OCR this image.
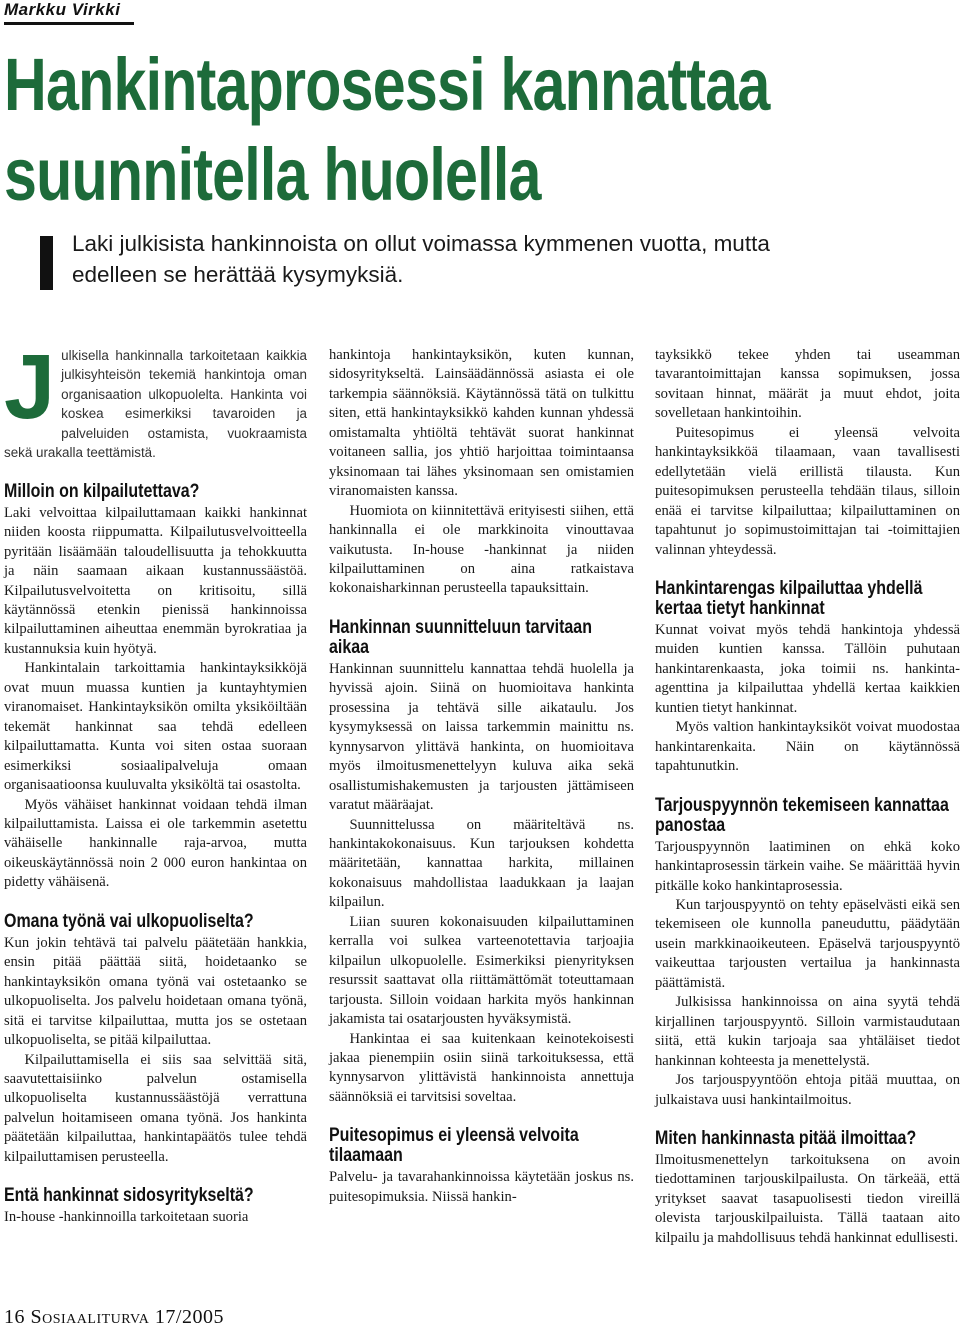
Markku Virkki
Hankintaprosessi kannattaa
suunnitella huolella
Laki julkisista hankinnoista on ollut voimassa kymmenen vuotta, mutta edelleen se herättää kysymyksiä.

Julkisella hankinnalla tarkoitetaan kaikkia julkisyhteisön tekemiä hankintoja oman organisaation ulkopuolelta. Hankinta voi koskea esimerkiksi tavaroiden ja palveluiden ostamista, vuokraamista sekä urakalla teettämistä.

Milloin on kilpailutettava?

Laki velvoittaa kilpailuttamaan kaikki hankinnat niiden koosta riippumatta. Kilpailutusvelvoitteella pyritään lisäämään taloudellisuutta ja tehokkuutta ja näin saamaan aikaan kustannussäästöä. Kilpailutusvelvoitetta on kritisoitu, sillä käytännössä etenkin pienissä hankinnoissa kilpailuttaminen aiheuttaa enemmän byrokratiaa ja kustannuksia kuin hyötyä.

Hankintalain tarkoittamia hankintayksikköjä ovat muun muassa kuntien ja kuntayhtymien viranomaiset. Hankintayksikön omilta yksiköiltään tekemät hankinnat saa tehdä edelleen kilpailuttamatta. Kunta voi siten ostaa suoraan esimerkiksi sosiaalipalveluja omaan organisaatioonsa kuuluvalta yksiköltä tai osastolta.

Myös vähäiset hankinnat voidaan tehdä ilman kilpailuttamista. Laissa ei ole tarkemmin asetettu vähäiselle hankinnalle raja-arvoa, mutta oikeuskäytännössä noin 2 000 euron hankintaa on pidetty vähäisenä.

Omana työnä vai ulkopuoliselta?

Kun jokin tehtävä tai palvelu päätetään hankkia, ensin pitää päättää siitä, hoidetaanko se hankintayksikön omana työnä vai ostetaanko se ulkopuoliselta. Jos palvelu hoidetaan omana työnä, sitä ei tarvitse kilpailuttaa, mutta jos se ostetaan ulkopuoliselta, se pitää kilpailuttaa.

Kilpailuttamisella ei siis saa selvittää sitä, saavutettaisiinko palvelun ostamisella ulkopuoliselta kustannussäästöjä verrattuna palvelun hoitamiseen omana työnä. Jos hankinta päätetään kilpailuttaa, hankintapäätös tulee tehdä kilpailuttamisen perusteella.

Entä hankinnat sidosyritykseltä?

In-house -hankinnoilla tarkoitetaan suoria

hankintoja hankintayksikön, kuten kunnan, sidosyritykseltä. Lainsäädännössä asiasta ei ole tarkempia säännöksiä. Käytännössä tätä on tulkittu siten, että hankintayksikkö kahden kunnan yhdessä omistamalta yhtiöltä tehtävät suorat hankinnat voitaneen sallia, jos yhtiö harjoittaa toimintaansa yksinomaan tai lähes yksinomaan sen omistamien viranomaisten kanssa.

Huomiota on kiinnitettävä erityisesti siihen, että hankinnalla ei ole markkinoita vinouttavaa vaikutusta. In-house -hankinnat ja niiden kilpailuttaminen on aina ratkaistava kokonaisharkinnan perusteella tapauksittain.

Hankinnan suunnitteluun tarvitaan aikaa

Hankinnan suunnittelu kannattaa tehdä huolella ja hyvissä ajoin. Siinä on huomioitava hankinta prosessina ja tehtävä sille aikataulu. Jos kysymyksessä on laissa tarkemmin mainittu ns. kynnysarvon ylittävä hankinta, on huomioitava myös ilmoitusmenettelyyn kuluva aika sekä osallistumishakemusten ja tarjousten jättämiseen varatut määräajat.

Suunnittelussa on määriteltävä ns. hankintakokonaisuus. Kun tarjouksen kohdetta määritetään, kannattaa harkita, millainen kokonaisuus mahdollistaa laadukkaan ja laajan kilpailun.

Liian suuren kokonaisuuden kilpailuttaminen kerralla voi sulkea varteenotettavia tarjoajia kilpailun ulkopuolelle. Esimerkiksi pienyrityksen resurssit saattavat olla riittämättömät toteuttamaan tarjousta. Silloin voidaan harkita myös hankinnan jakamista tai osatarjousten hyväksymistä.

Hankintaa ei saa kuitenkaan keinotekoisesti jakaa pienempiin osiin siinä tarkoituksessa, että kynnysarvon ylittävistä hankinnoista annettuja säännöksiä ei tarvitsisi soveltaa.

Puitesopimus ei yleensä velvoita tilaamaan

Palvelu- ja tavarahankinnoissa käytetään joskus ns. puitesopimuksia. Niissä hankin-

tayksikkö tekee yhden tai useamman tavarantoimittajan kanssa sopimuksen, jossa sovitaan hinnat, määrät ja muut ehdot, joita sovelletaan hankintoihin.

Puitesopimus ei yleensä velvoita hankintayksikköä tilaamaan, vaan tavallisesti edellytetään vielä erillistä tilausta. Kun puitesopimuksen perusteella tehdään tilaus, silloin enää ei tarvitse kilpailuttaa; kilpailuttaminen on tapahtunut jo sopimustoimittajan tai -toimittajien valinnan yhteydessä.

Hankintarengas kilpailuttaa yhdellä kertaa tietyt hankinnat

Kunnat voivat myös tehdä hankintoja yhdessä muiden kuntien kanssa. Tällöin puhutaan hankintarenkaasta, joka toimii ns. hankinta-agenttina ja kilpailuttaa yhdellä kertaa kaikkien kuntien tietyt hankinnat.

Myös valtion hankintayksiköt voivat muodostaa hankintarenkaita. Näin on käytännössä tapahtunutkin.

Tarjouspyynnön tekemiseen kannattaa panostaa

Tarjouspyynnön laatiminen on ehkä koko hankintaprosessin tärkein vaihe. Se määrittää hyvin pitkälle koko hankintaprosessia.

Kun tarjouspyyntö on tehty epäselvästi eikä sen tekemiseen ole kunnolla paneuduttu, päädytään usein markkinaoikeuteen. Epäselvä tarjouspyyntö vaikeuttaa tarjousten vertailua ja hankinnasta päättämistä.

Julkisissa hankinnoissa on aina syytä tehdä kirjallinen tarjouspyyntö. Silloin varmistaudutaan siitä, että kukin tarjoaja saa yhtäläiset tiedot hankinnan kohteesta ja menettelystä.

Jos tarjouspyyntöön ehtoja pitää muuttaa, on julkaistava uusi hankintailmoitus.

Miten hankinnasta pitää ilmoittaa?

Ilmoitusmenettelyn tarkoituksena on avoin tiedottaminen tarjouskilpailusta. On tärkeää, että yritykset saavat tasapuolisesti tiedon vireillä olevista tarjouskilpailuista. Tällä taataan aito kilpailu ja mahdollisuus tehdä hankinnat edullisesti.

16 Sosiaaliturva 17/2005
